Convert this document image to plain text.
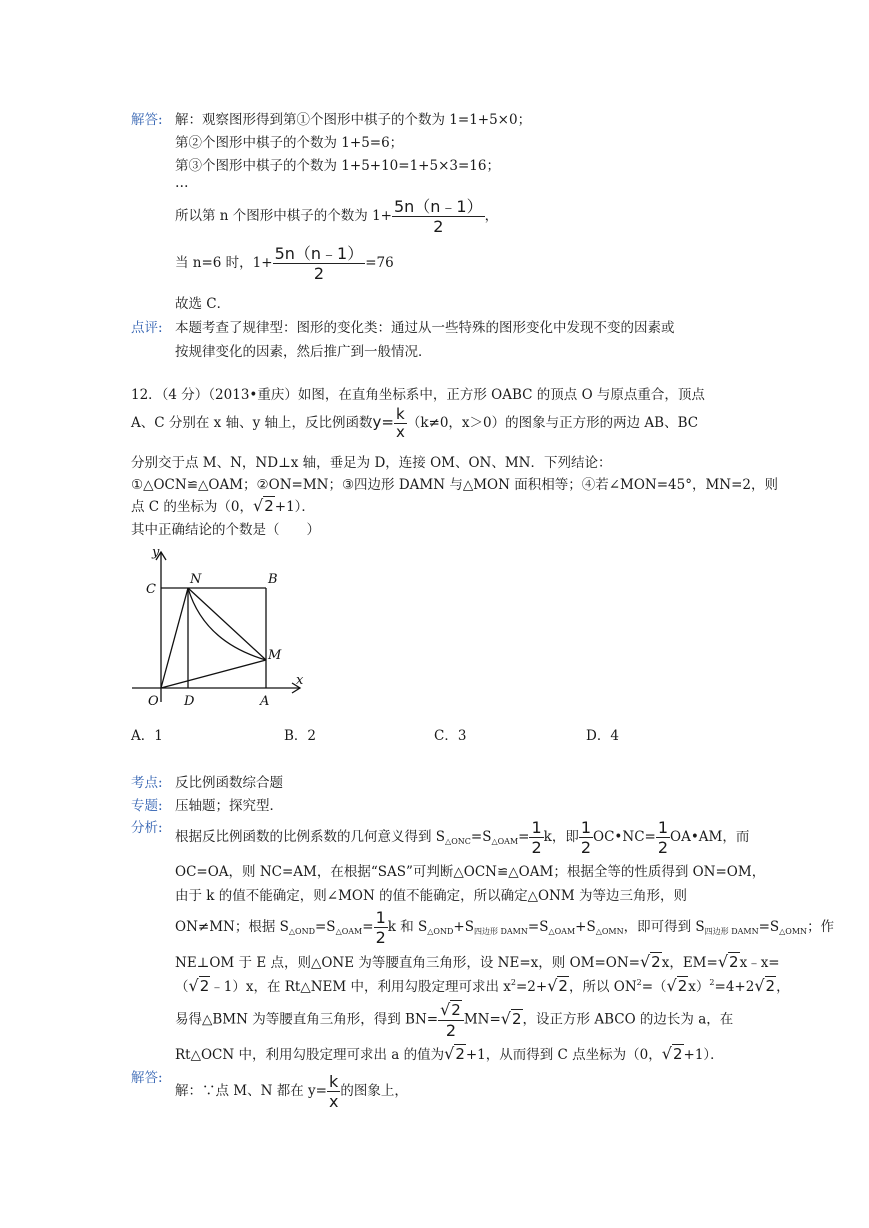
解答: 解：观察图形得到第①个图形中棋子的个数为 1=1+5×0；
第②个图形中棋子的个数为 1+5=6；
第③个图形中棋子的个数为 1+5+10=1+5×3=16；
…
所以第 n 个图形中棋子的个数为 $1+ \frac{5n(n﹣1)}{2}$ ，
当 n=6 时，$1+ \frac{5n(n﹣1)}{2} =76$
故选 C．
点评: 本题考查了规律型：图形的变化类：通过从一些特殊的图形变化中发现不变的因素或
按规律变化的因素，然后推广到一般情况．
12．（4 分）（2013•重庆）如图，在直角坐标系中，正方形 OABC 的顶点 O 与原点重合，顶点
A、C 分别在 x 轴、y 轴上，反比例函数$y= \frac{k}{x} (k\ne 0$，x＞0）的图象与正方形的两边 AB、BC
分别交于点 M、N，ND⊥x 轴，垂足为 D，连接 OM、ON、MN．下列结论：
①△OCN≌△OAM；②ON=MN；③四边形 DAMN 与△MON 面积相等；④若∠MON=45°，MN=2，则
点 C 的坐标为（0，√2+1）．
其中正确结论的个数是（　　）
y
x
C
N	B
M
O D	A
A．1	B．2	C．3	D．4
考点: 反比例函数综合题
专题: 压轴题；探究型．
分析:
根据反比例函数的比例系数的几何意义得到 $S_{\triangle ONC}=S_{\triangle OAM}= \frac{1}{2}$ k，即 $\frac{1}{2}$ OC•NC= $\frac{1}{2}$ OA•AM，而
OC=OA，则 NC=AM，在根据“SAS”可判断△OCN≌△OAM；根据全等的性质得到 ON=OM，
由于 k 的值不能确定，则∠MON 的值不能确定，所以确定△ONM 为等边三角形，则
ON≠MN；根据 $S_{\triangle OND}=S_{\triangle OAM}= \frac{1}{2}$ k 和 $S_{\triangle OND}+S_{四边形 DAMN}=S_{\triangle OAM}+S_{\triangle OMN}$，即可得到 $S_{四边形 DAMN}=S_{\triangle OMN}$；作
NE⊥OM 于 E 点，则△ONE 为等腰直角三角形，设 NE=x，则 OM=ON=√2x，EM=√2x﹣x=
（√2﹣1）x，在 Rt△NEM 中，利用勾股定理可求出 $x^2=2+√2$，所以 $ON^2=(√2x)^2=4+2√2$，
易得△BMN 为等腰直角三角形，得到 $BN= \frac{√2}{2} MN=√2$，设正方形 ABCO 的边长为 a，在
Rt△OCN 中，利用勾股定理可求出 a 的值为√2+1，从而得到 C 点坐标为（0，√2+1）．
解答:
解：∵点 M、N 都在 $y= \frac{k}{x}$ 的图象上，
